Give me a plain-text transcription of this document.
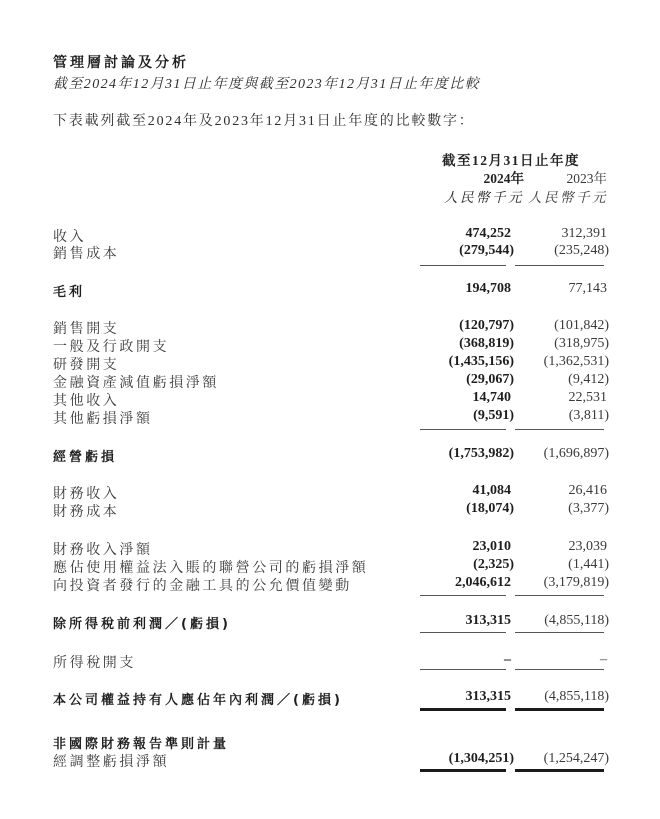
管理層討論及分析
截至2024年12月31日止年度與截至2023年12月31日止年度比較
下表載列截至2024年及2023年12月31日止年度的比較數字：
截至12月31日止年度
2024年	2023年
人民幣千元 人民幣千元
收入	474,252	312,391
銷售成本	(279,544)	(235,248)
毛利	194,708	77,143
銷售開支	(120,797)	(101,842)
一般及行政開支	(368,819)	(318,975)
研發開支	(1,435,156) (1,362,531)
金融資產減值虧損淨額	(29,067)	(9,412)
其他收入	14,740	22,531
其他虧損淨額	(9,591)	(3,811)
經營虧損	(1,753,982) (1,696,897)
財務收入	41,084	26,416
財務成本	(18,074)	(3,377)
財務收入淨額	23,010	23,039
應佔使用權益法入賬的聯營公司的虧損淨額	(2,325)	(1,441)
向投資者發行的金融工具的公允價值變動	2,046,612 (3,179,819)
除所得稅前利潤／(虧損)	313,315 (4,855,118)
所得稅開支	–	–
本公司權益持有人應佔年內利潤／(虧損)	313,315 (4,855,118)
非國際財務報告準則計量
經調整虧損淨額	(1,304,251) (1,254,247)
